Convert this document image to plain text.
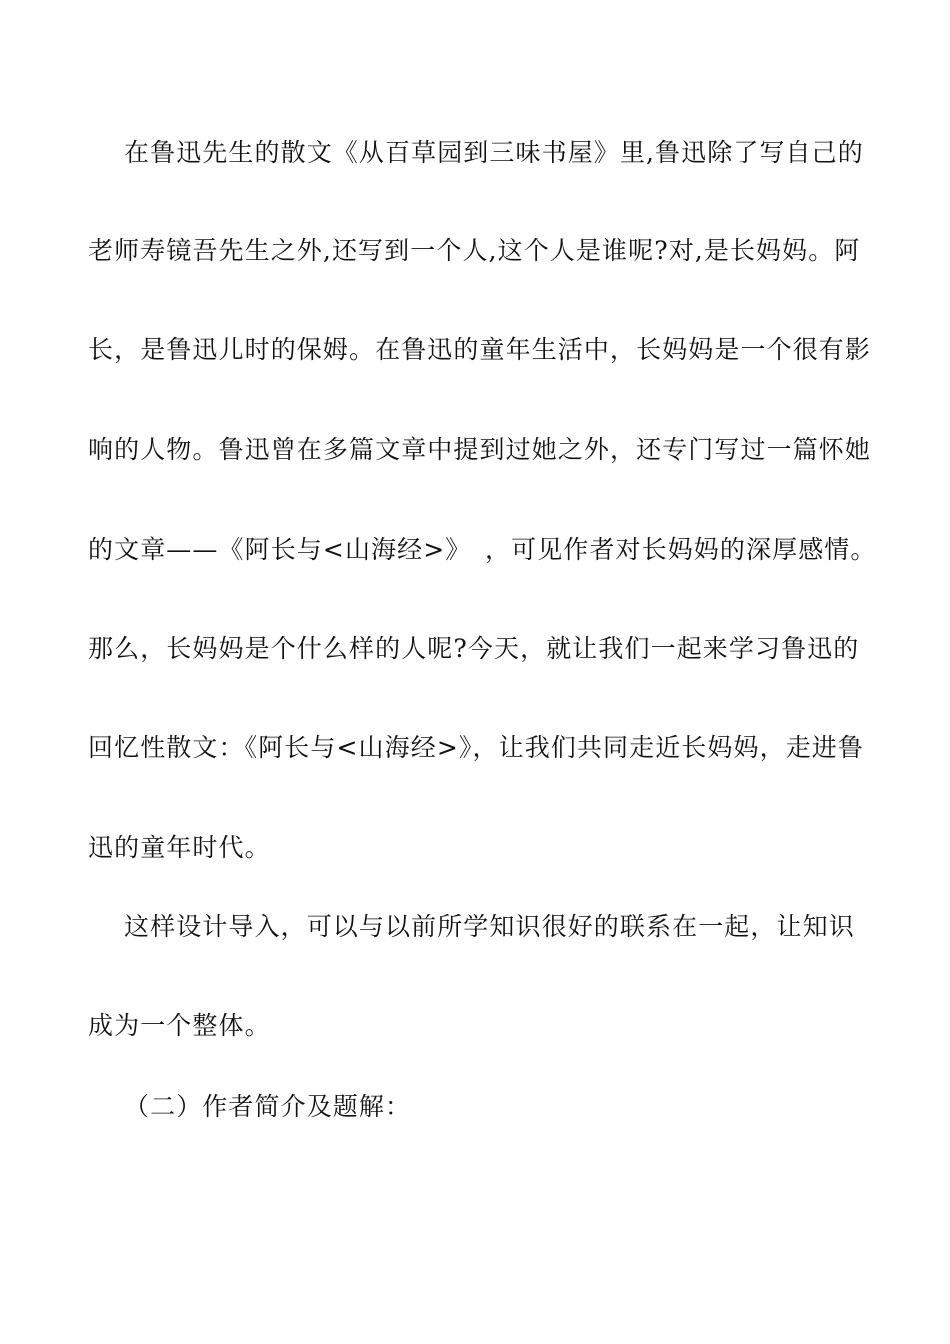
在鲁迅先生的散文《从百草园到三味书屋》里,鲁迅除了写自己的
老师寿镜吾先生之外,还写到一个人,这个人是谁呢?对,是长妈妈。阿
长，是鲁迅儿时的保姆。在鲁迅的童年生活中，长妈妈是一个很有影
响的人物。鲁迅曾在多篇文章中提到过她之外，还专门写过一篇怀她
的文章——《阿长与<山海经>》　，可见作者对长妈妈的深厚感情。
那么，长妈妈是个什么样的人呢?今天，就让我们一起来学习鲁迅的
回忆性散文：《阿长与<山海经>》，让我们共同走近长妈妈，走进鲁
迅的童年时代。
这样设计导入，可以与以前所学知识很好的联系在一起，让知识
成为一个整体。
（二）作者简介及题解：
